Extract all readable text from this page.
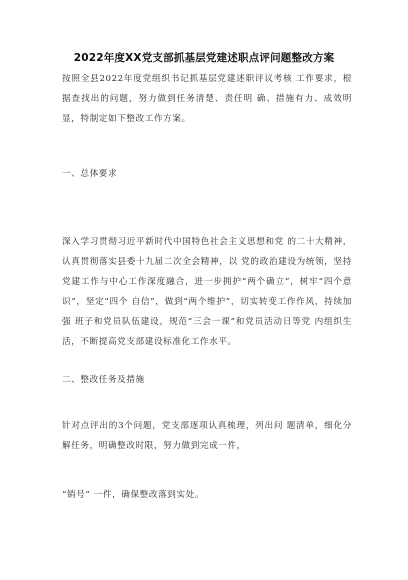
2022年度XX党支部抓基层党建述职点评问题整改方案

按照全县2022年度党组织书记抓基层党建述职评议考核 工作要求，根据查找出的问题，努力做到任务清楚、责任明 确、措施有力、成效明显，特制定如下整改工作方案。

一、总体要求

深入学习贯彻习近平新时代中国特色社会主义思想和党 的二十大精神，认真贯彻落实县委十九届二次全会精神，以 党的政治建设为统领，坚持党建工作与中心工作深度融合，进一步拥护“两个确立”，树牢“四个意识”，坚定“四个 自信”，做到“两个维护”，切实转变工作作风，持续加强 班子和党员队伍建设，规范“三会一课”和党员活动日等党 内组织生活，不断提高党支部建设标准化工作水平。

二、整改任务及措施

针对点评出的3个问题，党支部逐项认真梳理，列出问 题清单，细化分解任务，明确整改时限，努力做到完成一件，

“销号” 一件，确保整改落到实处。
